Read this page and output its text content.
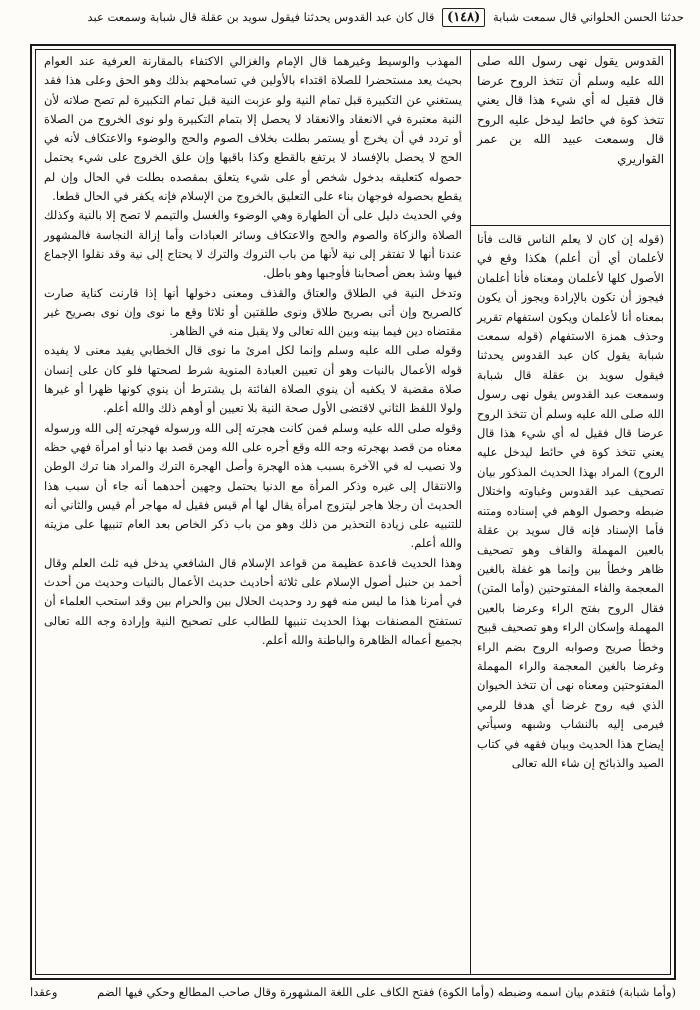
حدثنا الحسن الحلواني قال سمعت شبابة (١٤٨) قال كان عبد القدوس يحدثنا فيقول سويد بن عقلة قال شبابة وسمعت عبد

القدوس يقول نهى رسول الله صلى الله عليه وسلم أن تتخذ الروح عرضا قال فقيل له أي شيء هذا قال يعني تتخذ كوة في حائط ليدخل عليه الروح قال وسمعت عبيد الله بن عمر القواريري

(قوله إن كان لا يعلم الناس قالت فأنا لأعلمان أي أن أعلم) هكذا وقع في الأصول كلها لأعلمان ومعناه فأنا أعلمان فيجوز أن تكون بالإرادة ويجوز أن يكون بمعناه أنا لأعلمان ويكون استفهام تقرير وحذف همزة الاستفهام (قوله سمعت شبابة يقول كان عبد القدوس يحدثنا فيقول سويد بن عقلة قال شبابة وسمعت عبد القدوس يقول نهى رسول الله صلى الله عليه وسلم أن تتخذ الروح عرضا قال فقيل له أي شيء هذا قال يعني تتخذ كوة في حائط ليدخل عليه الروح) المراد بهذا الحديث المذكور بيان تصحيف عبد القدوس وغباوته واختلال ضبطه وحصول الوهم في إسناده ومتنه فأما الإسناد فإنه قال سويد بن عقلة بالعين المهملة والقاف وهو تصحيف ظاهر وخطأ بين وإنما هو غفلة بالغين المعجمة والفاء المفتوحتين (وأما المتن) فقال الروح بفتح الراء وعرضا بالعين المهملة وإسكان الراء وهو تصحيف قبيح وخطأ صريح وصوابه الروح بضم الراء وغرضا بالغين المعجمة والراء المهملة المفتوحتين ومعناه نهى أن تتخذ الحيوان الذي فيه روح غرضا أي هدفا للرمي فيرمى إليه بالنشاب وشبهه وسيأتي إيضاح هذا الحديث وبيان فقهه في كتاب الصيد والذبائح إن شاء الله تعالى

المهذب والوسيط وغيرهما قال الإمام والغزالي الاكتفاء بالمقارنة العرفية عند العوام بحيث يعد مستحضرا للصلاة اقتداء بالأولين في تسامحهم بذلك وهو الحق وعلى هذا فقد يستغني عن التكبيرة قبل تمام النية ولو عزبت النية قبل تمام التكبيرة لم تصح صلاته لأن النية معتبرة في الانعقاد والانعقاد لا يحصل إلا بتمام التكبيرة ولو نوى الخروج من الصلاة أو تردد في أن يخرج أو يستمر بطلت بخلاف الصوم والحج والوضوء والاعتكاف لأنه في الحج لا يحصل بالإفساد لا يرتفع بالقطع وكذا باقيها وإن علق الخروج على شيء يحتمل حصوله كتعليقه بدخول شخص أو على شيء يتعلق بمقصده بطلت في الحال وإن لم يقطع بحصوله فوجهان بناء على التعليق بالخروج من الإسلام فإنه يكفر في الحال قطعا.

وفي الحديث دليل على أن الطهارة وهي الوضوء والغسل والتيمم لا تصح إلا بالنية وكذلك الصلاة والزكاة والصوم والحج والاعتكاف وسائر العبادات وأما إزالة النجاسة فالمشهور عندنا أنها لا تفتقر إلى نية لأنها من باب التروك والترك لا يحتاج إلى نية وقد نقلوا الإجماع فيها وشذ بعض أصحابنا فأوجبها وهو باطل.

وتدخل النية في الطلاق والعتاق والقذف ومعنى دخولها أنها إذا قارنت كناية صارت كالصريح وإن أتى بصريح طلاق ونوى طلقتين أو ثلاثا وقع ما نوى وإن نوى بصريح غير مقتضاه دين فيما بينه وبين الله تعالى ولا يقبل منه في الظاهر.

وقوله صلى الله عليه وسلم وإنما لكل امرئ ما نوى قال الخطابي يفيد معنى لا يفيده قوله الأعمال بالنيات وهو أن تعيين العبادة المنوية شرط لصحتها فلو كان على إنسان صلاة مقضية لا يكفيه أن ينوي الصلاة الفائتة بل يشترط أن ينوي كونها ظهرا أو غيرها ولولا اللفظ الثاني لاقتضى الأول صحة النية بلا تعيين أو أوهم ذلك والله أعلم.

وقوله صلى الله عليه وسلم فمن كانت هجرته إلى الله ورسوله فهجرته إلى الله ورسوله معناه من قصد بهجرته وجه الله وقع أجره على الله ومن قصد بها دنيا أو امرأة فهي حظه ولا نصيب له في الآخرة بسبب هذه الهجرة وأصل الهجرة الترك والمراد هنا ترك الوطن والانتقال إلى غيره وذكر المرأة مع الدنيا يحتمل وجهين أحدهما أنه جاء أن سبب هذا الحديث أن رجلا هاجر ليتزوج امرأة يقال لها أم قيس فقيل له مهاجر أم قيس والثاني أنه للتنبيه على زيادة التحذير من ذلك وهو من باب ذكر الخاص بعد العام تنبيها على مزيته والله أعلم.

وهذا الحديث قاعدة عظيمة من قواعد الإسلام قال الشافعي يدخل فيه ثلث العلم وقال أحمد بن حنبل أصول الإسلام على ثلاثة أحاديث حديث الأعمال بالنيات وحديث من أحدث في أمرنا هذا ما ليس منه فهو رد وحديث الحلال بين والحرام بين وقد استحب العلماء أن تستفتح المصنفات بهذا الحديث تنبيها للطالب على تصحيح النية وإرادة وجه الله تعالى بجميع أعماله الظاهرة والباطنة والله أعلم.

(وأما شبابة) فتقدم بيان اسمه وضبطه (وأما الكوة) ففتح الكاف على اللغة المشهورة وقال صاحب المطالع وحكي فيها الضم
وعقدا
